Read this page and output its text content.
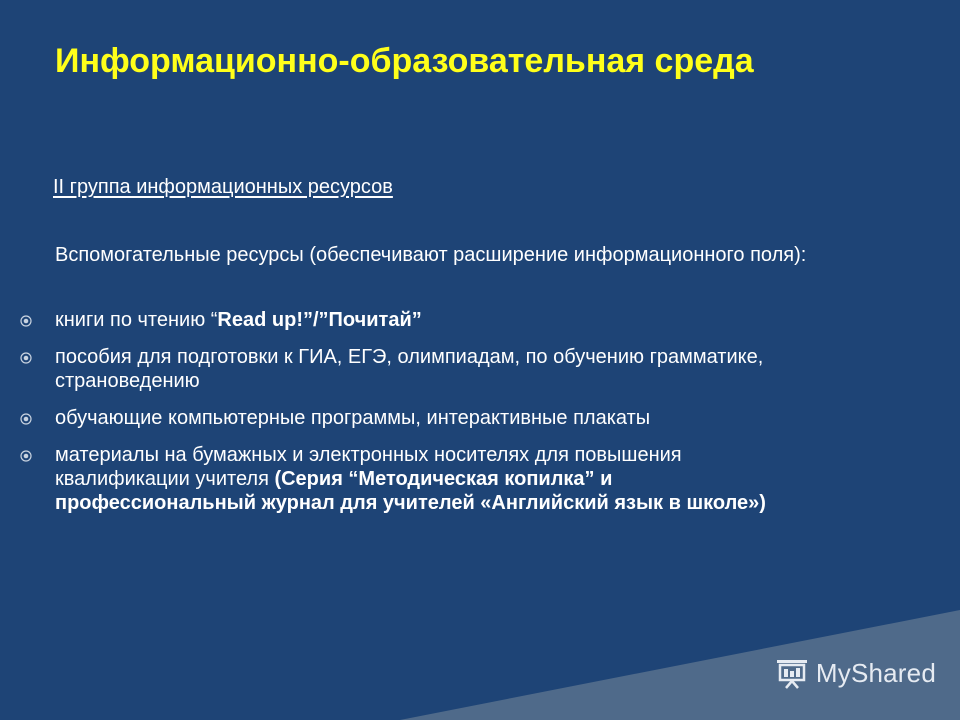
Информационно-образовательная среда

II группа информационных ресурсов

Вспомогательные ресурсы (обеспечивают расширение информационного поля):

книги по чтению “Read up!”/”Почитай”
пособия для подготовки к ГИА, ЕГЭ, олимпиадам, по обучению грамматике, страноведению
обучающие компьютерные программы, интерактивные плакаты
материалы на бумажных и электронных носителях для повышения квалификации учителя (Серия “Методическая копилка” и профессиональный журнал для учителей «Английский язык в школе»)
MyShared
